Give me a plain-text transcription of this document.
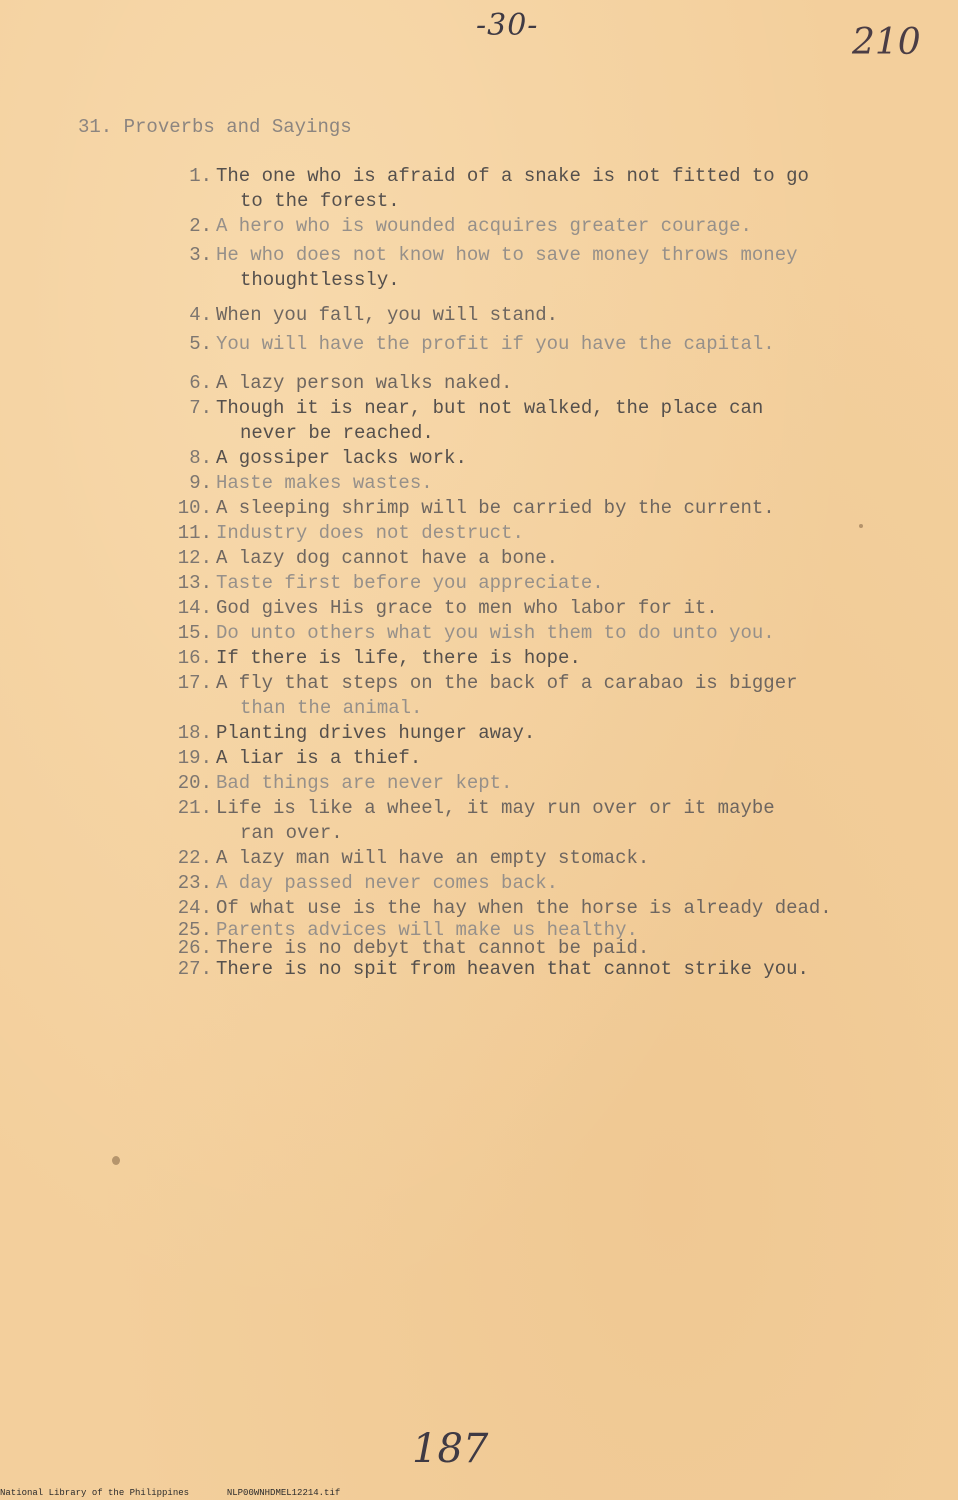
-30-	210
31. Proverbs and Sayings
1. The one who is afraid of a snake is not fitted to go
to the forest.
2. A hero who is wounded acquires greater courage.
3. He who does not know how to save money throws money
thoughtlessly.
4. When you fall, you will stand.
5. You will have the profit if you have the capital.
6. A lazy person walks naked.
7. Though it is near, but not walked, the place can
never be reached.
8. A gossiper lacks work.
9. Haste makes wastes.
10. A sleeping shrimp will be carried by the current.
11. Industry does not destruct.
12. A lazy dog cannot have a bone.
13. Taste first before you appreciate.
14. God gives His grace to men who labor for it.
15. Do unto others what you wish them to do unto you.
16. If there is life, there is hope.
17. A fly that steps on the back of a carabao is bigger
than the animal.
18. Planting drives hunger away.
19. A liar is a thief.
20. Bad things are never kept.
21. Life is like a wheel, it may run over or it maybe
ran over.
22. A lazy man will have an empty stomack.
23. A day passed never comes back.
24. Of what use is the hay when the horse is already dead.
25. Parents advices will make us healthy.
26. There is no debyt that cannot be paid.
27. There is no spit from heaven that cannot strike you.
187
National Library of the Philippines	NLP00WNHDMEL12214.tif
